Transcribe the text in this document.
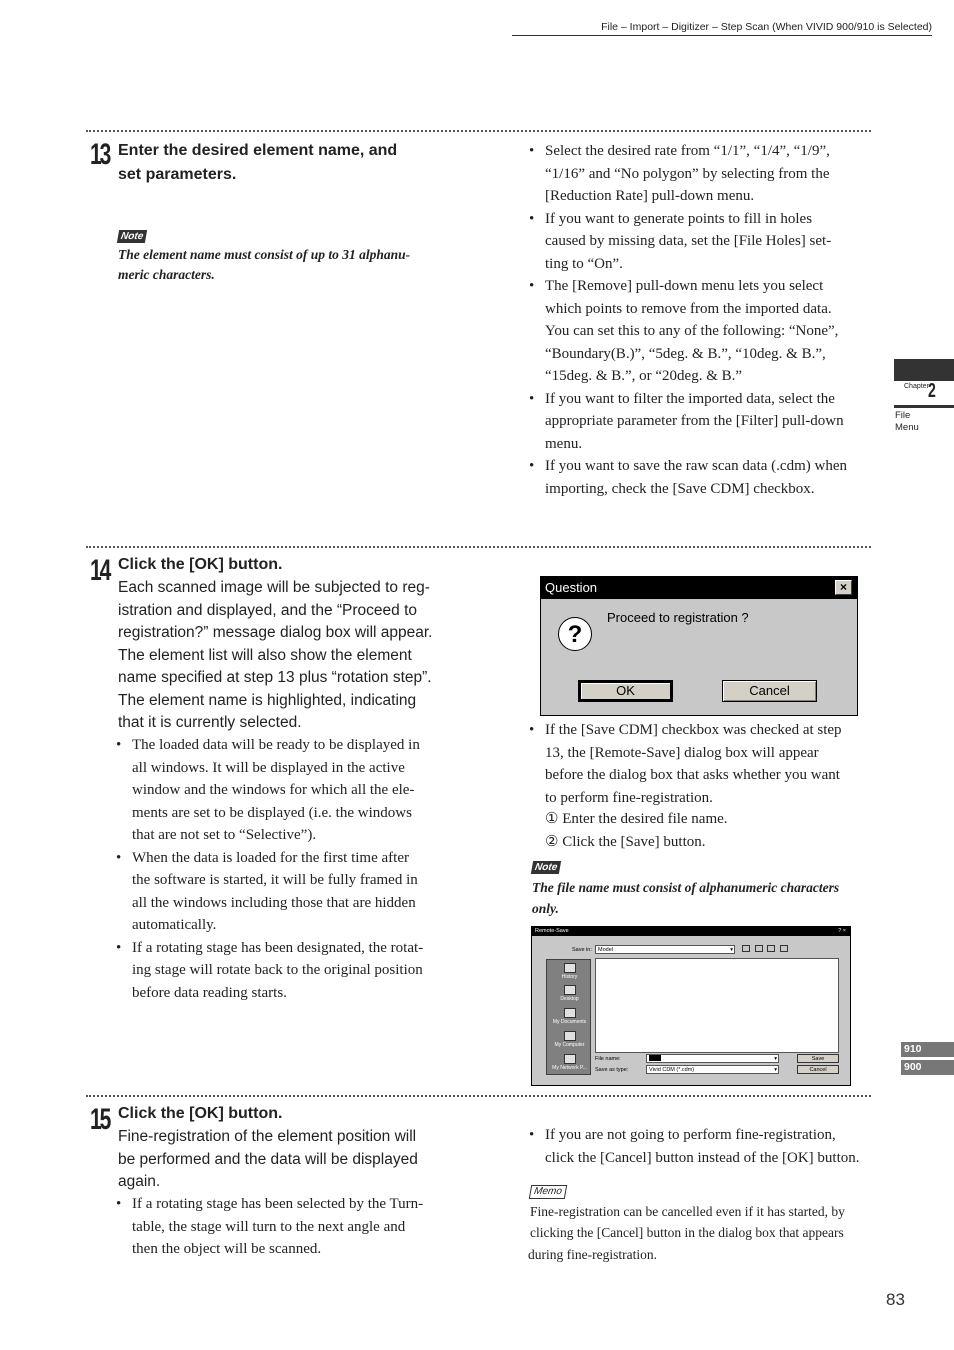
File – Import – Digitizer – Step Scan (When VIVID 900/910 is Selected)
Chapter 2
File
Menu
910
900
13 Enter the desired element name, and
set parameters.
Note
The element name must consist of up to 31 alphanu-
meric characters.
• Select the desired rate from “1/1”, “1/4”, “1/9”,
“1/16” and “No polygon” by selecting from the
[Reduction Rate] pull-down menu.
• If you want to generate points to fill in holes
caused by missing data, set the [File Holes] set-
ting to “On”.
• The [Remove] pull-down menu lets you select
which points to remove from the imported data.
You can set this to any of the following: “None”,
“Boundary(B.)”, “5deg. & B.”, “10deg. & B.”,
“15deg. & B.”, or “20deg. & B.”
• If you want to filter the imported data, select the
appropriate parameter from the [Filter] pull-down
menu.
• If you want to save the raw scan data (.cdm) when
importing, check the [Save CDM] checkbox.
14 Click the [OK] button.
Each scanned image will be subjected to reg-
istration and displayed, and the “Proceed to
registration?” message dialog box will appear.
The element list will also show the element
name specified at step 13 plus “rotation step”.
The element name is highlighted, indicating
that it is currently selected.
• The loaded data will be ready to be displayed in
all windows. It will be displayed in the active
window and the windows for which all the ele-
ments are set to be displayed (i.e. the windows
that are not set to “Selective”).
• When the data is loaded for the first time after
the software is started, it will be fully framed in
all the windows including those that are hidden
automatically.
• If a rotating stage has been designated, the rotat-
ing stage will rotate back to the original position
before data reading starts.
Question	×
?
Proceed to registration ?
OK	Cancel
• If the [Save CDM] checkbox was checked at step
13, the [Remote-Save] dialog box will appear
before the dialog box that asks whether you want
to perform fine-registration.
① Enter the desired file name.
② Click the [Save] button.
Note
The file name must consist of alphanumeric characters
only.
Remote-Save	? ×
Save in:	Model	▾

History
Desktop
My Documents
My Computer
My Network P...
File name:	▾
Save as type:	Vivid CDM (*.cdm)	▾
Save
Cancel
15 Click the [OK] button.
Fine-registration of the element position will
be performed and the data will be displayed
again.
• If a rotating stage has been selected by the Turn-
table, the stage will turn to the next angle and
then the object will be scanned.
• If you are not going to perform fine-registration,
click the [Cancel] button instead of the [OK] button.
Memo
Fine-registration can be cancelled even if it has started, by
clicking the [Cancel] button in the dialog box that appears
during fine-registration.
83
